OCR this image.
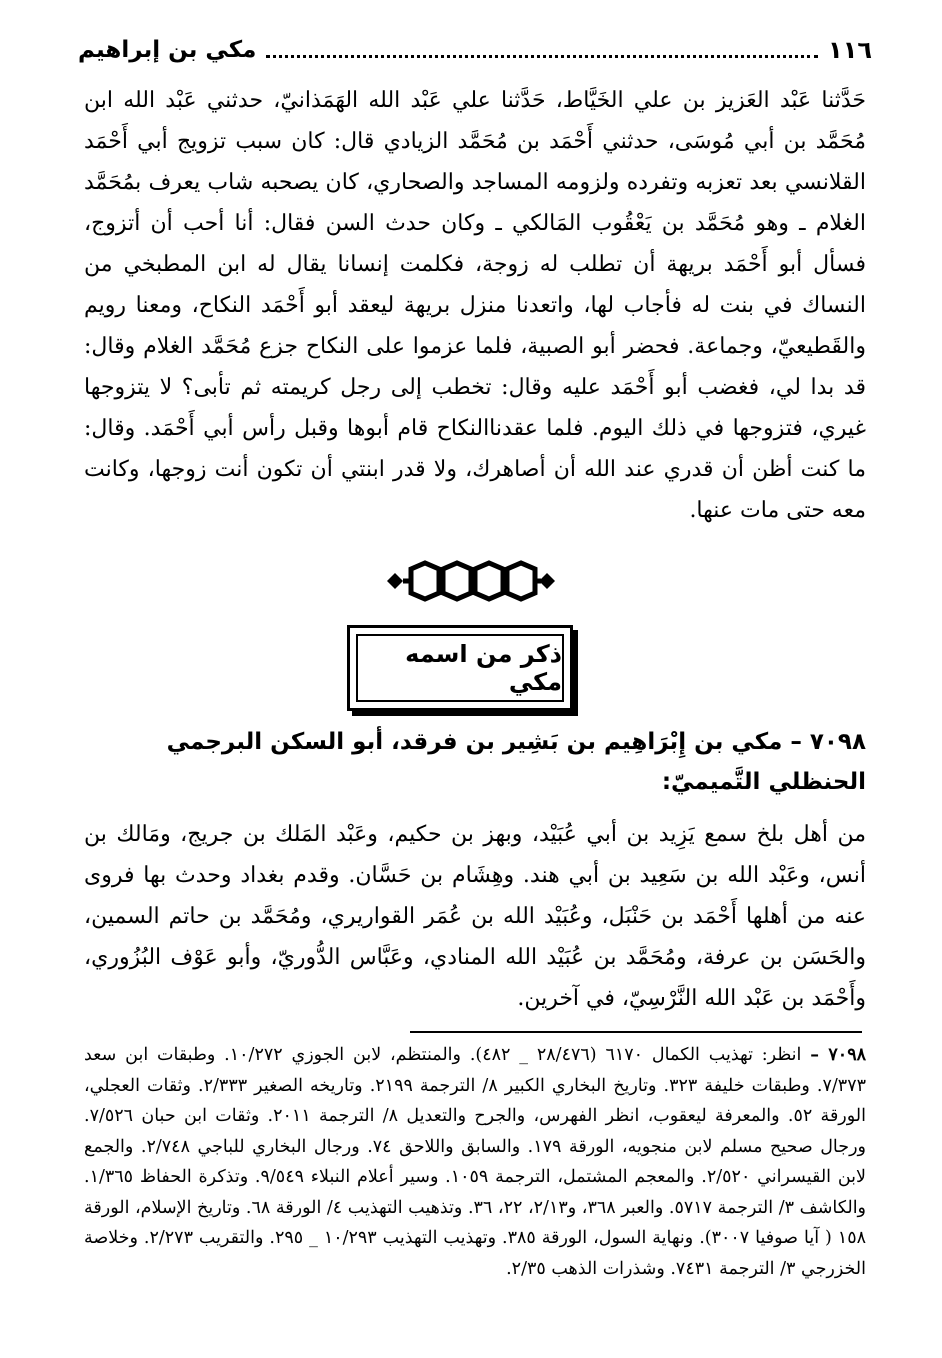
١١٦
مكي بن إبراهيم

حَدَّثنا عَبْد العَزيز بن علي الخَيَّاط، حَدَّثنا علي عَبْد الله الهَمَذانيّ، حدثني عَبْد الله ابن مُحَمَّد بن أبي مُوسَى، حدثني أَحْمَد بن مُحَمَّد الزيادي قال: كان سبب تزويج أبي أَحْمَد القلانسي بعد تعزبه وتفرده ولزومه المساجد والصحاري، كان يصحبه شاب يعرف بمُحَمَّد الغلام ـ وهو مُحَمَّد بن يَعْقُوب المَالكي ـ وكان حدث السن فقال: أنا أحب أن أتزوج، فسأل أبو أَحْمَد بريهة أن تطلب له زوجة، فكلمت إنسانا يقال له ابن المطبخي من النساك في بنت له فأجاب لها، واتعدنا منزل بريهة ليعقد أبو أَحْمَد النكاح، ومعنا رويم والقَطيعيّ، وجماعة. فحضر أبو الصبية، فلما عزموا على النكاح جزع مُحَمَّد الغلام وقال: قد بدا لي، فغضب أبو أَحْمَد عليه وقال: تخطب إلى رجل كريمته ثم تأبى؟ لا يتزوجها غيري، فتزوجها في ذلك اليوم. فلما عقدناالنكاح قام أبوها وقبل رأس أبي أَحْمَد. وقال: ما كنت أظن أن قدري عند الله أن أصاهرك، ولا قدر ابنتي أن تكون أنت زوجها، وكانت معه حتى مات عنها.

ذكر من اسمه مكي
٧٠٩٨ – مكي بن إِبْرَاهِيم بن بَشِير بن فرقد، أبو السكن البرجمي الحنظلي التَّميميّ:

من أهل بلخ سمع يَزِيد بن أبي عُبَيْد، وبهز بن حكيم، وعَبْد المَلك بن جريج، ومَالك بن أنس، وعَبْد الله بن سَعِيد بن أبي هند. وهِشَام بن حَسَّان. وقدم بغداد وحدث بها فروى عنه من أهلها أَحْمَد بن حَنْبَل، وعُبَيْد الله بن عُمَر القواريري، ومُحَمَّد بن حاتم السمين، والحَسَن بن عرفة، ومُحَمَّد بن عُبَيْد الله المنادي، وعَبَّاس الدُّوريّ، وأبو عَوْف البُزُوري، وأَحْمَد بن عَبْد الله النَّرْسِيّ، في آخرين.

٧٠٩٨ – انظر: تهذيب الكمال ٦١٧٠ (٢٨/٤٧٦ _ ٤٨٢). والمنتظم، لابن الجوزي ١٠/٢٧٢. وطبقات ابن سعد ٧/٣٧٣. وطبقات خليفة ٣٢٣. وتاريخ البخاري الكبير ٨/ الترجمة ٢١٩٩. وتاريخه الصغير ٢/٣٣٣. وثقات العجلي، الورقة ٥٢. والمعرفة ليعقوب، انظر الفهرس، والجرح والتعديل ٨/ الترجمة ٢٠١١. وثقات ابن حبان ٧/٥٢٦. ورجال صحيح مسلم لابن منجويه، الورقة ١٧٩. والسابق واللاحق ٧٤. ورجال البخاري للباجي ٢/٧٤٨. والجمع لابن القيسراني ٢/٥٢٠. والمعجم المشتمل، الترجمة ١٠٥٩. وسير أعلام النبلاء ٩/٥٤٩. وتذكرة الحفاظ ١/٣٦٥. والكاشف ٣/ الترجمة ٥٧١٧. والعبر ٣٦٨، و٢/١٣، ٢٢، ٣٦. وتذهيب التهذيب ٤/ الورقة ٦٨. وتاريخ الإسلام، الورقة ١٥٨ ( آيا صوفيا ٣٠٠٧). ونهاية السول، الورقة ٣٨٥. وتهذيب التهذيب ١٠/٢٩٣ _ ٢٩٥. والتقريب ٢/٢٧٣. وخلاصة الخزرجي ٣/ الترجمة ٧٤٣١. وشذرات الذهب ٢/٣٥.
